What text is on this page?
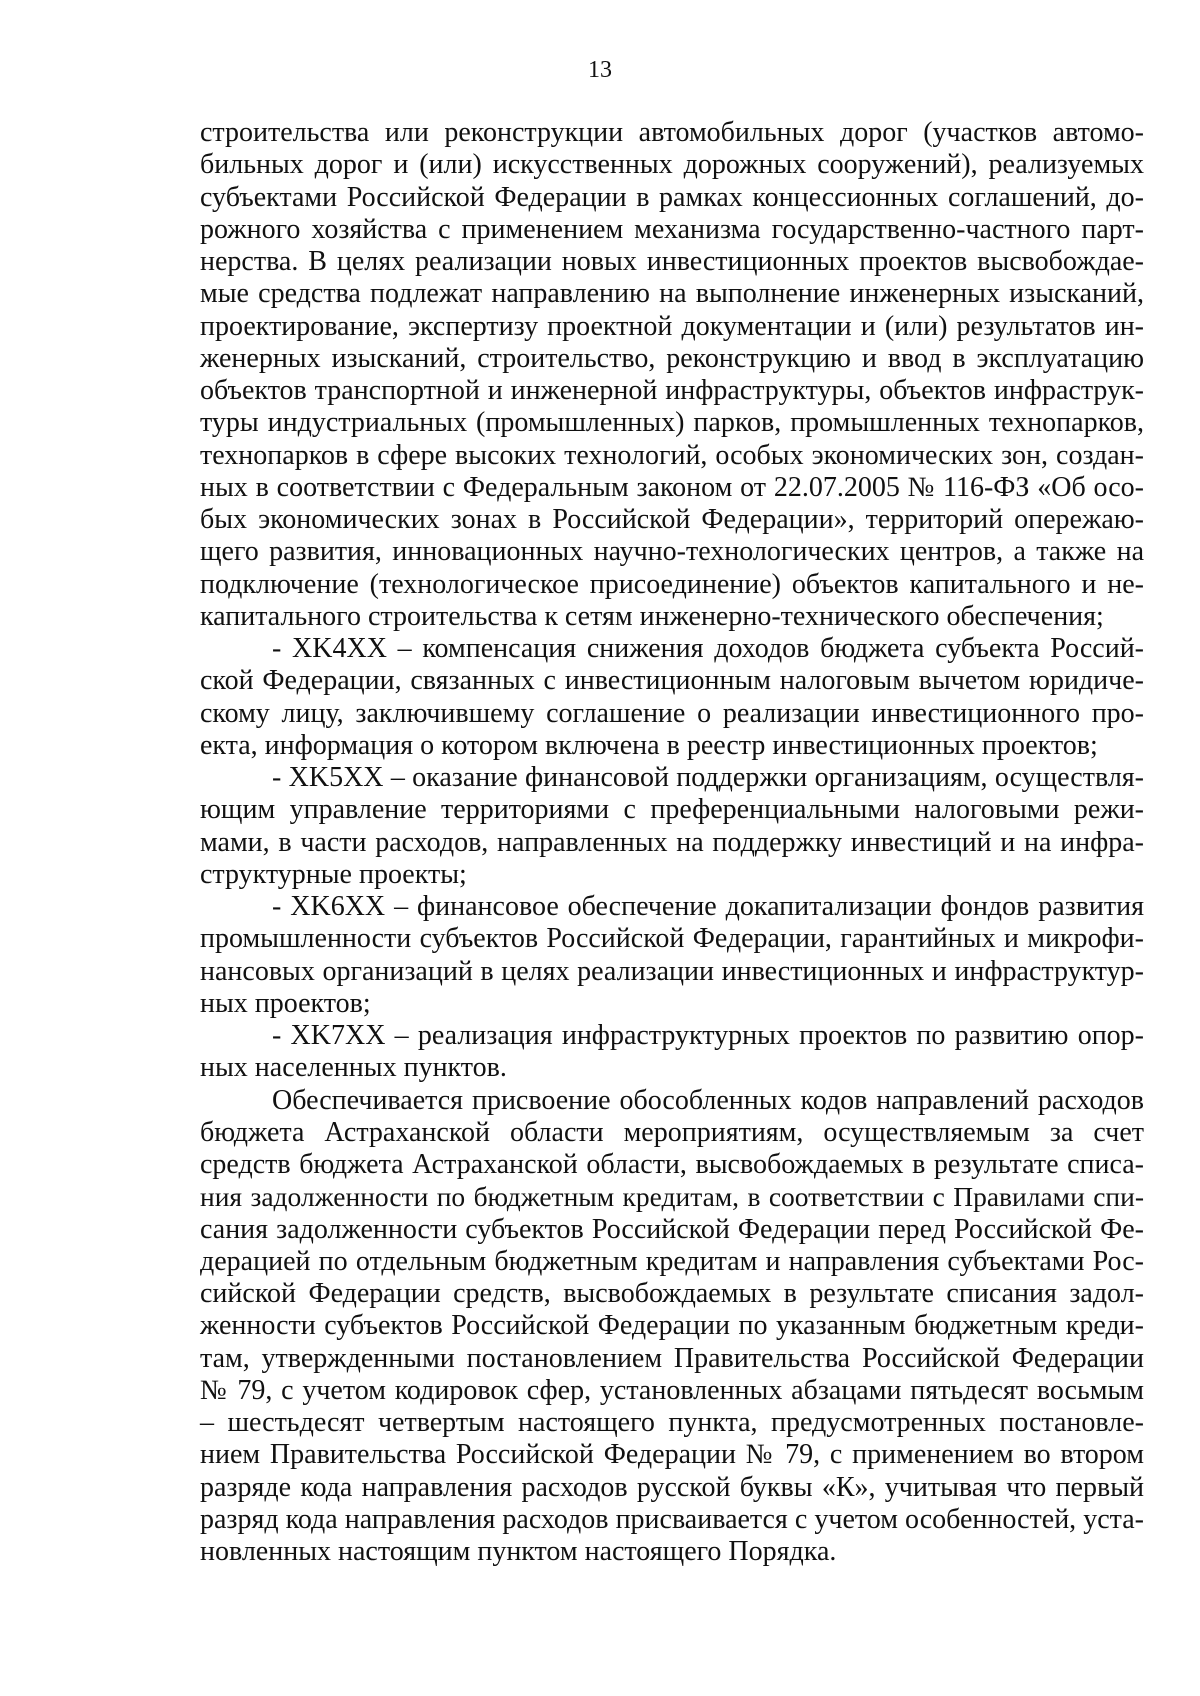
13
строительства или реконструкции автомобильных дорог (участков автомо-
бильных дорог и (или) искусственных дорожных сооружений), реализуемых
субъектами Российской Федерации в рамках концессионных соглашений, до-
рожного хозяйства с применением механизма государственно-частного парт-
нерства. В целях реализации новых инвестиционных проектов высвобождае-
мые средства подлежат направлению на выполнение инженерных изысканий,
проектирование, экспертизу проектной документации и (или) результатов ин-
женерных изысканий, строительство, реконструкцию и ввод в эксплуатацию
объектов транспортной и инженерной инфраструктуры, объектов инфраструк-
туры индустриальных (промышленных) парков, промышленных технопарков,
технопарков в сфере высоких технологий, особых экономических зон, создан-
ных в соответствии с Федеральным законом от 22.07.2005 № 116-ФЗ «Об осо-
бых экономических зонах в Российской Федерации», территорий опережаю-
щего развития, инновационных научно-технологических центров, а также на
подключение (технологическое присоединение) объектов капитального и не-
капитального строительства к сетям инженерно-технического обеспечения;
- XK4XX – компенсация снижения доходов бюджета субъекта Россий-
ской Федерации, связанных с инвестиционным налоговым вычетом юридиче-
скому лицу, заключившему соглашение о реализации инвестиционного про-
екта, информация о котором включена в реестр инвестиционных проектов;
- XK5XX – оказание финансовой поддержки организациям, осуществля-
ющим управление территориями с преференциальными налоговыми режи-
мами, в части расходов, направленных на поддержку инвестиций и на инфра-
структурные проекты;
- XK6XX – финансовое обеспечение докапитализации фондов развития
промышленности субъектов Российской Федерации, гарантийных и микрофи-
нансовых организаций в целях реализации инвестиционных и инфраструктур-
ных проектов;
- XK7XX – реализация инфраструктурных проектов по развитию опор-
ных населенных пунктов.
Обеспечивается присвоение обособленных кодов направлений расходов
бюджета Астраханской области мероприятиям, осуществляемым за счет
средств бюджета Астраханской области, высвобождаемых в результате списа-
ния задолженности по бюджетным кредитам, в соответствии с Правилами спи-
сания задолженности субъектов Российской Федерации перед Российской Фе-
дерацией по отдельным бюджетным кредитам и направления субъектами Рос-
сийской Федерации средств, высвобождаемых в результате списания задол-
женности субъектов Российской Федерации по указанным бюджетным креди-
там, утвержденными постановлением Правительства Российской Федерации
№ 79, с учетом кодировок сфер, установленных абзацами пятьдесят восьмым
– шестьдесят четвертым настоящего пункта, предусмотренных постановле-
нием Правительства Российской Федерации № 79, с применением во втором
разряде кода направления расходов русской буквы «К», учитывая что первый
разряд кода направления расходов присваивается с учетом особенностей, уста-
новленных настоящим пунктом настоящего Порядка.
